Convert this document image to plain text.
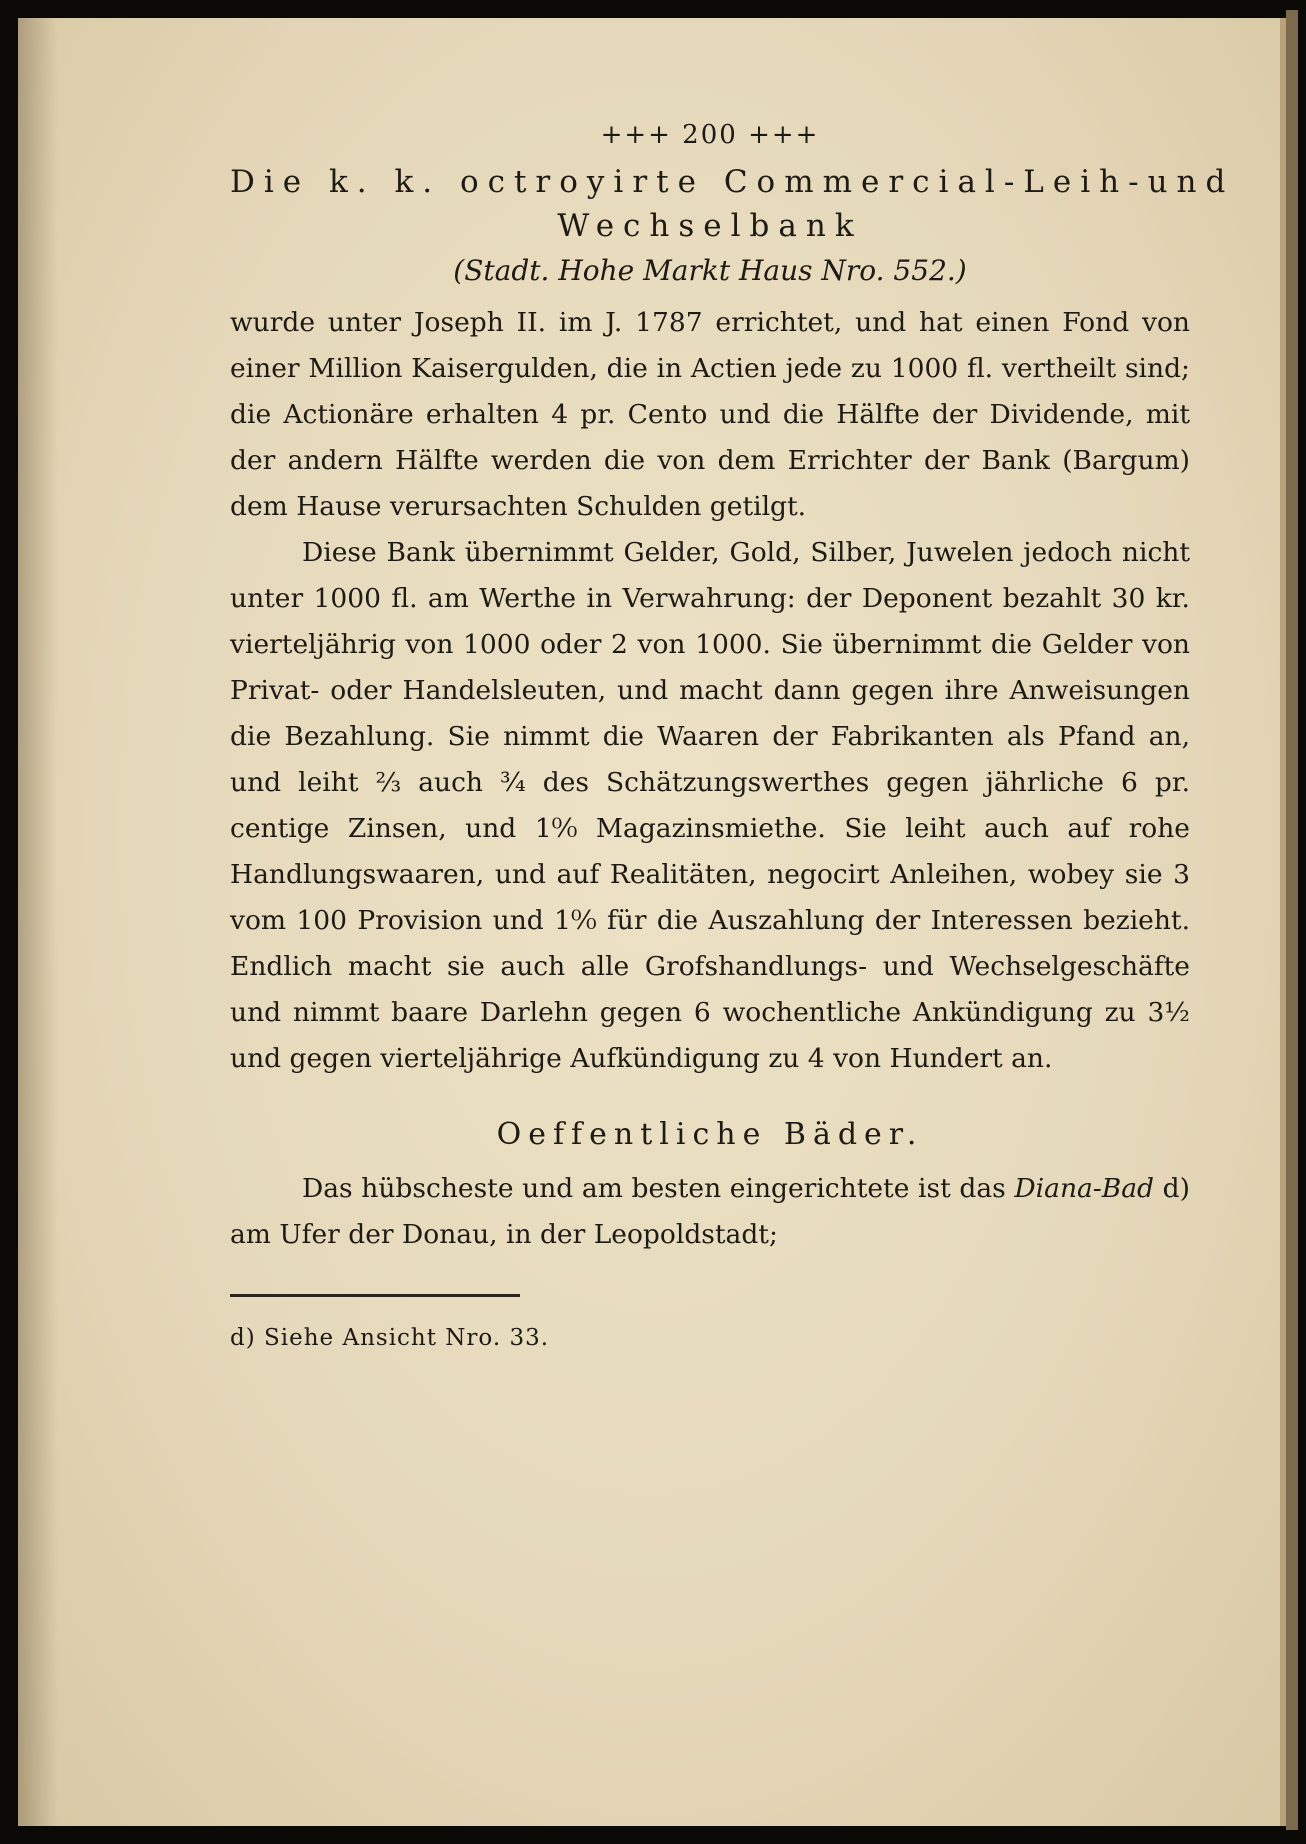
+++ 200 +++
Die k. k. octroyirte Commercial-Leih-und
Wechselbank
(Stadt. Hohe Markt Haus Nro. 552.)

wurde unter Joseph II. im J. 1787 errichtet, und hat einen Fond von einer Million Kaisergulden, die in Actien jede zu 1000 fl. vertheilt sind; die Actionäre erhalten 4 pr. Cento und die Hälfte der Dividende, mit der andern Hälfte werden die von dem Errichter der Bank (Bargum) dem Hause verursachten Schulden getilgt.

Diese Bank übernimmt Gelder, Gold, Silber, Juwelen jedoch nicht unter 1000 fl. am Werthe in Verwahrung: der Deponent bezahlt 30 kr. vierteljährig von 1000 oder 2 von 1000. Sie übernimmt die Gelder von Privat- oder Handelsleuten, und macht dann gegen ihre Anweisungen die Bezahlung. Sie nimmt die Waaren der Fabrikanten als Pfand an, und leiht ⅔ auch ¾ des Schätzungswerthes gegen jährliche 6 pr. centige Zinsen, und 1⁰⁄₀ Magazinsmiethe. Sie leiht auch auf rohe Handlungswaaren, und auf Realitäten, negocirt Anleihen, wobey sie 3 vom 100 Provision und 1⁰⁄₀ für die Auszahlung der Interessen bezieht. Endlich macht sie auch alle Grofshandlungs- und Wechselgeschäfte und nimmt baare Darlehn gegen 6 wochentliche Ankündigung zu 3½ und gegen vierteljährige Aufkündigung zu 4 von Hundert an.

Oeffentliche Bäder.

Das hübscheste und am besten eingerichtete ist das Diana-Bad d) am Ufer der Donau, in der Leopoldstadt;

d) Siehe Ansicht Nro. 33.
